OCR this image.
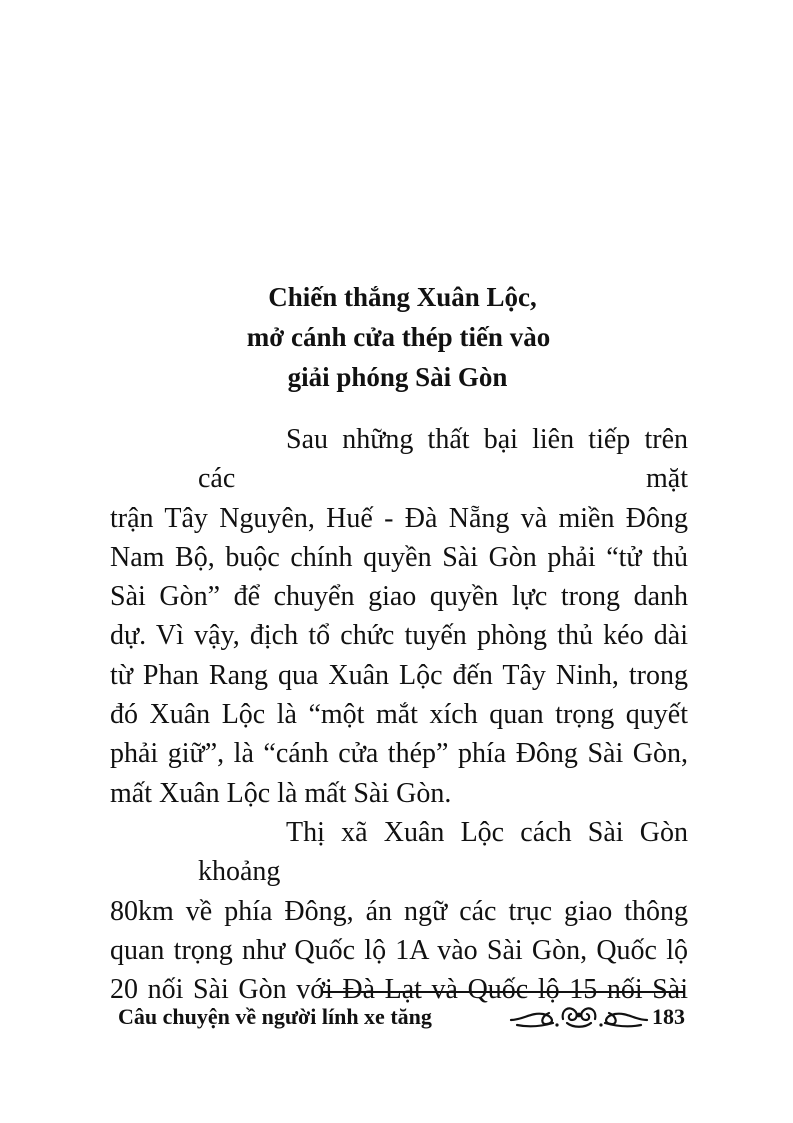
Chiến thắng Xuân Lộc,
mở cánh cửa thép tiến vào
giải phóng Sài Gòn

Sau những thất bại liên tiếp trên các mặt
trận Tây Nguyên, Huế - Đà Nẵng và miền Đông
Nam Bộ, buộc chính quyền Sài Gòn phải “tử thủ
Sài Gòn” để chuyển giao quyền lực trong danh
dự. Vì vậy, địch tổ chức tuyến phòng thủ kéo dài
từ Phan Rang qua Xuân Lộc đến Tây Ninh, trong
đó Xuân Lộc là “một mắt xích quan trọng quyết
phải giữ”, là “cánh cửa thép” phía Đông Sài Gòn,
mất Xuân Lộc là mất Sài Gòn.

Thị xã Xuân Lộc cách Sài Gòn khoảng
80km về phía Đông, án ngữ các trục giao thông
quan trọng như Quốc lộ 1A vào Sài Gòn, Quốc lộ
20 nối Sài Gòn với Đà Lạt và Quốc lộ 15 nối Sài

Câu chuyện về người lính xe tăng	183
